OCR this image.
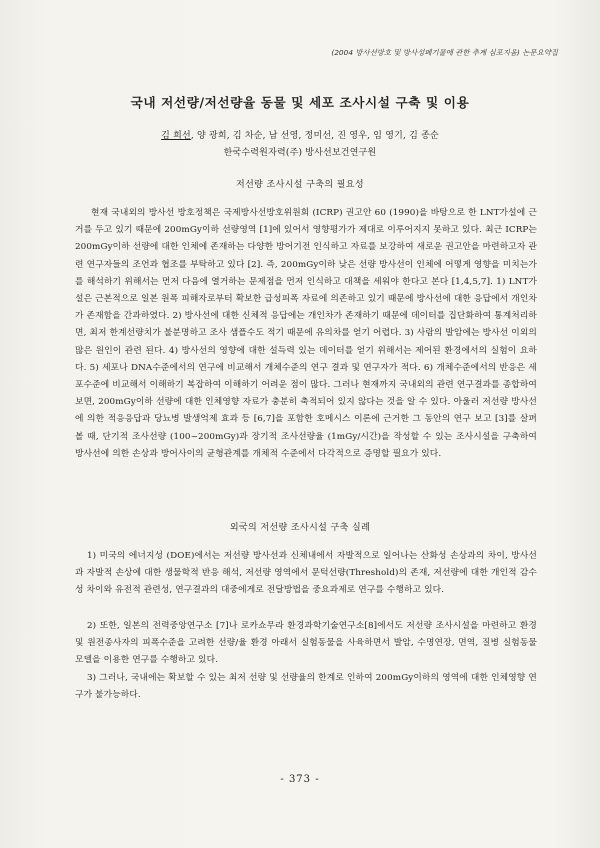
(2004 방사선방호 및 방사성폐기물에 관한 추계 심포지움) 논문요약집
국내 저선량/저선량율 동물 및 세포 조사시설 구축 및 이용
김 희선, 양 광희, 김 차순, 남 선영, 정미선, 진 영우, 임 영기, 김 종순
한국수력원자력(주) 방사선보건연구원
저선량 조사시설 구축의 필요성

현재 국내외의 방사선 방호정책은 국제방사선방호위원회 (ICRP) 권고안 60 (1990)을 바탕으로 한 LNT가설에 근거를 두고 있기 때문에 200mGy이하 선량영역 [1]에 있어서 영향평가가 제대로 이루어지지 못하고 있다. 최근 ICRP는 200mGy이하 선량에 대한 인체에 존재하는 다양한 방어기전 인식하고 자료를 보강하여 새로운 권고안을 마련하고자 관련 연구자들의 조언과 협조를 부탁하고 있다 [2]. 즉, 200mGy이하 낮은 선량 방사선이 인체에 어떻게 영향을 미치는가를 해석하기 위해서는 먼저 다음에 열거하는 문제점을 먼저 인식하고 대책을 세워야 한다고 본다 [1,4,5,7]. 1) LNT가설은 근본적으로 일본 원폭 피해자로부터 확보한 급성피폭 자료에 의존하고 있기 때문에 방사선에 대한 응답에서 개인차가 존재함을 간과하였다. 2) 방사선에 대한 신체적 응답에는 개인차가 존재하기 때문에 데이터를 집단화하여 통계처리하면, 최저 한계선량치가 불분명하고 조사 샘플수도 적기 때문에 유의차를 얻기 어렵다. 3) 사람의 발암에는 방사선 이외의 많은 원인이 관련 된다. 4) 방사선의 영향에 대한 설득력 있는 데이터를 얻기 위해서는 제어된 환경에서의 실험이 요하다. 5) 세포나 DNA수준에서의 연구에 비교해서 개체수준의 연구 결과 및 연구자가 적다. 6) 개체수준에서의 반응은 세포수준에 비교해서 이해하기 복잡하여 이해하기 어려운 점이 많다. 그러나 현재까지 국내외의 관련 연구결과를 종합하여 보면, 200mGy이하 선량에 대한 인체영향 자료가 충분히 축적되어 있지 않다는 것을 알 수 있다. 아울러 저선량 방사선에 의한 적응응답과 당뇨병 발생억제 효과 등 [6,7]을 포함한 호메시스 이론에 근거한 그 동안의 연구 보고 [3]를 살펴 볼 때, 단기적 조사선량 (100~200mGy)과 장기적 조사선량율 (1mGy/시간)을 작성할 수 있는 조사시설을 구축하여 방사선에 의한 손상과 방어사이의 균형관계를 개체적 수준에서 다각적으로 증명할 필요가 있다.

외국의 저선량 조사시설 구축 실례

1) 미국의 에너지성 (DOE)에서는 저선량 방사선과 신체내에서 자발적으로 일어나는 산화성 손상과의 차이, 방사선과 자발적 손상에 대한 생물학적 반응 해석, 저선량 영역에서 문턱선량(Threshold)의 존재, 저선량에 대한 개인적 감수성 차이와 유전적 관련성, 연구결과의 대중에게로 전달방법을 중요과제로 연구를 수행하고 있다.

2) 또한, 일본의 전력중앙연구소 [7]나 로카쇼무라 환경과학기술연구소[8]에서도 저선량 조사시설을 마련하고 환경 및 원전종사자의 피폭수준을 고려한 선량/율 환경 아래서 실험동물을 사육하면서 발암, 수명연장, 면역, 질병 실험동물 모델을 이용한 연구를 수행하고 있다.

3) 그러나, 국내에는 확보할 수 있는 최저 선량 및 선량율의 한계로 인하여 200mGy이하의 영역에 대한 인체영향 연구가 불가능하다.

- 373 -
